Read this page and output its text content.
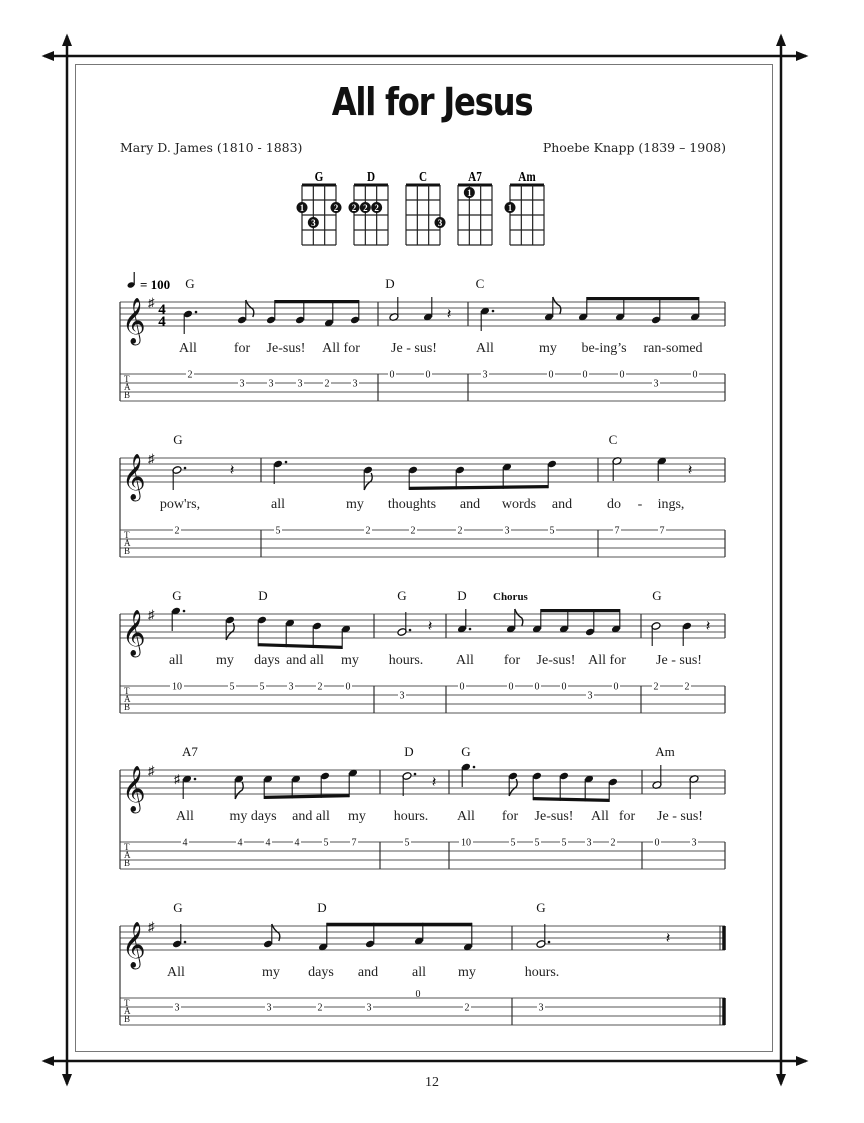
All for Jesus
Mary D. James (1810 - 1883)	Phoebe Knapp (1839 – 1908)
G
1	2
3
D
2 2 2
C
3
A7
1
Am
1
𝄞 ♯
T
A
B
4
4
= 100 G	D	C
𝄽
All	for Je-sus! All for Je - sus!	All	my be-ing’s ran-somed
2
3 3 3 2 3
0	0	3	0	0	0
3
0
𝄞 ♯
T
A
B
G	C
𝄽	𝄽
pow'rs,	all	my thoughts and words and do - ings,
2	5	2	2	2	3	5	7	7
𝄞 ♯
T
A
B
G	D	G	D Chorus	G
𝄽	𝄽
all my days and all my hours. All for Je-sus! All for Je - sus!
10	5	5 3 2 0
3
0	0 0 0
3
0	2	2
𝄞 ♯
T
A
B
A7	D	G	Am
♯	𝄽
All	my days and all my hours. All for Je-sus! All for Je - sus!
4	4 4 4 5 7	5	10	5 5 5 3 2	0	3
𝄞 ♯
T
A
B
G	D	G
𝄽
All	my days and all my	hours.
3	3	2	3
0
2	3
12
